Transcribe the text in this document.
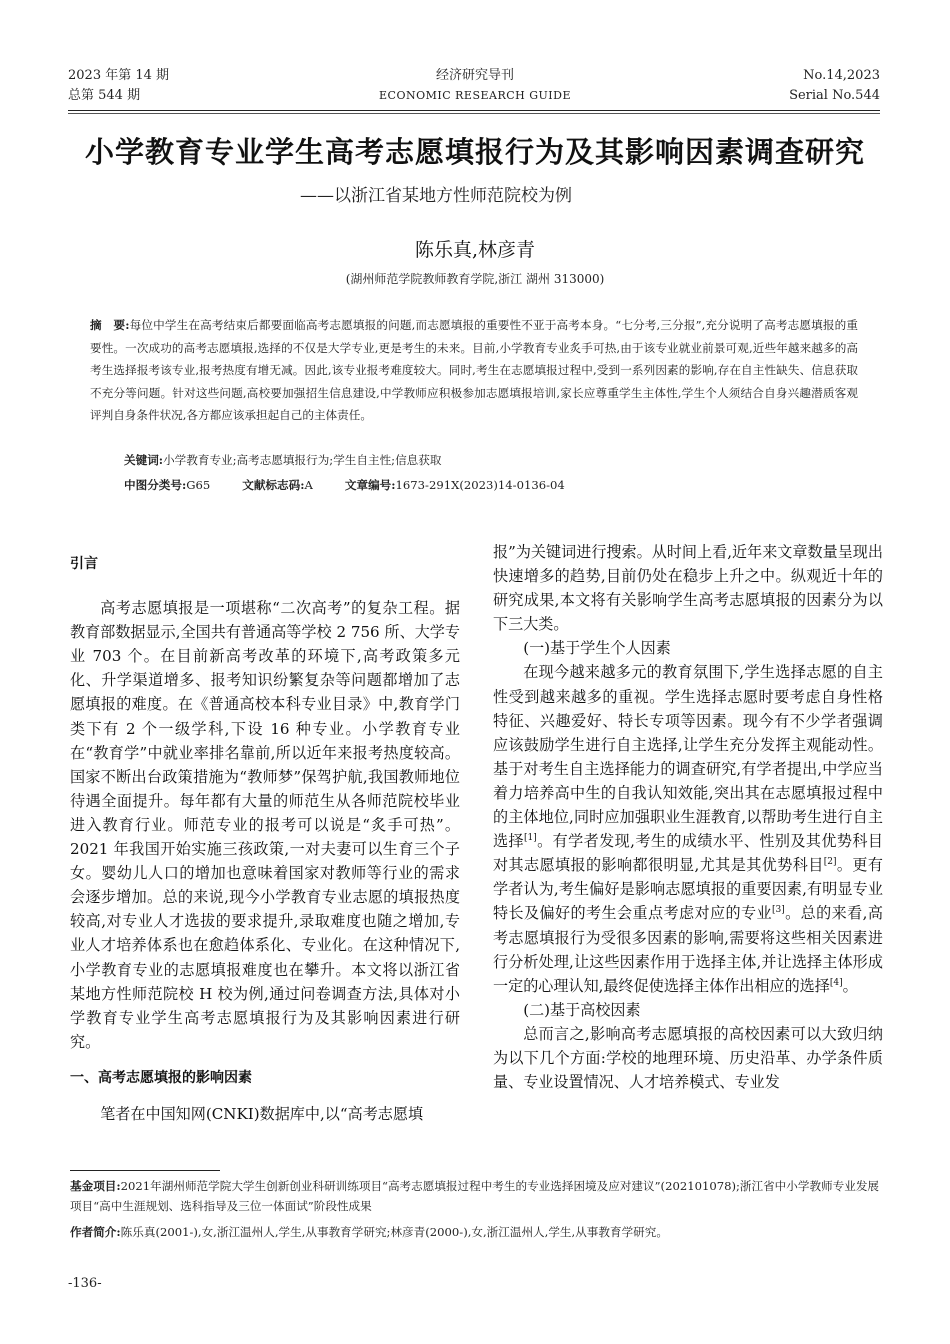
2023 年第 14 期
总第 544 期
经济研究导刊
ECONOMIC RESEARCH GUIDE
No.14,2023
Serial No.544
小学教育专业学生高考志愿填报行为及其影响因素调查研究
——以浙江省某地方性师范院校为例
陈乐真,林彦青
(湖州师范学院教师教育学院,浙江 湖州 313000)
摘　要:每位中学生在高考结束后都要面临高考志愿填报的问题,而志愿填报的重要性不亚于高考本身。“七分考,三分报”,充分说明了高考志愿填报的重要性。一次成功的高考志愿填报,选择的不仅是大学专业,更是考生的未来。目前,小学教育专业炙手可热,由于该专业就业前景可观,近些年越来越多的高考生选择报考该专业,报考热度有增无减。因此,该专业报考难度较大。同时,考生在志愿填报过程中,受到一系列因素的影响,存在自主性缺失、信息获取不充分等问题。针对这些问题,高校要加强招生信息建设,中学教师应积极参加志愿填报培训,家长应尊重学生主体性,学生个人须结合自身兴趣潜质客观评判自身条件状况,各方都应该承担起自己的主体责任。
关键词:小学教育专业;高考志愿填报行为;学生自主性;信息获取
中图分类号:G65	文献标志码:A	文章编号:1673-291X(2023)14-0136-04

引言

高考志愿填报是一项堪称“二次高考”的复杂工程。据教育部数据显示,全国共有普通高等学校 2 756 所、大学专业 703 个。在目前新高考改革的环境下,高考政策多元化、升学渠道增多、报考知识纷繁复杂等问题都增加了志愿填报的难度。在《普通高校本科专业目录》中,教育学门类下有 2 个一级学科,下设 16 种专业。小学教育专业在“教育学”中就业率排名靠前,所以近年来报考热度较高。国家不断出台政策措施为“教师梦”保驾护航,我国教师地位待遇全面提升。每年都有大量的师范生从各师范院校毕业进入教育行业。师范专业的报考可以说是“炙手可热”。2021 年我国开始实施三孩政策,一对夫妻可以生育三个子女。婴幼儿人口的增加也意味着国家对教师等行业的需求会逐步增加。总的来说,现今小学教育专业志愿的填报热度较高,对专业人才选拔的要求提升,录取难度也随之增加,专业人才培养体系也在愈趋体系化、专业化。在这种情况下,小学教育专业的志愿填报难度也在攀升。本文将以浙江省某地方性师范院校 H 校为例,通过问卷调查方法,具体对小学教育专业学生高考志愿填报行为及其影响因素进行研究。

一、高考志愿填报的影响因素

笔者在中国知网(CNKI)数据库中,以“高考志愿填

报”为关键词进行搜索。从时间上看,近年来文章数量呈现出快速增多的趋势,目前仍处在稳步上升之中。纵观近十年的研究成果,本文将有关影响学生高考志愿填报的因素分为以下三大类。

(一)基于学生个人因素

在现今越来越多元的教育氛围下,学生选择志愿的自主性受到越来越多的重视。学生选择志愿时要考虑自身性格特征、兴趣爱好、特长专项等因素。现今有不少学者强调应该鼓励学生进行自主选择,让学生充分发挥主观能动性。基于对考生自主选择能力的调查研究,有学者提出,中学应当着力培养高中生的自我认知效能,突出其在志愿填报过程中的主体地位,同时应加强职业生涯教育,以帮助考生进行自主选择[1]。有学者发现,考生的成绩水平、性别及其优势科目对其志愿填报的影响都很明显,尤其是其优势科目[2]。更有学者认为,考生偏好是影响志愿填报的重要因素,有明显专业特长及偏好的考生会重点考虑对应的专业[3]。总的来看,高考志愿填报行为受很多因素的影响,需要将这些相关因素进行分析处理,让这些因素作用于选择主体,并让选择主体形成一定的心理认知,最终促使选择主体作出相应的选择[4]。

(二)基于高校因素

总而言之,影响高考志愿填报的高校因素可以大致归纳为以下几个方面:学校的地理环境、历史沿革、办学条件质量、专业设置情况、人才培养模式、专业发

基金项目:2021年湖州师范学院大学生创新创业科研训练项目“高考志愿填报过程中考生的专业选择困境及应对建议”(202101078);浙江省中小学教师专业发展项目“高中生涯规划、选科指导及三位一体面试”阶段性成果
作者简介:陈乐真(2001-),女,浙江温州人,学生,从事教育学研究;林彦青(2000-),女,浙江温州人,学生,从事教育学研究。
-136-
